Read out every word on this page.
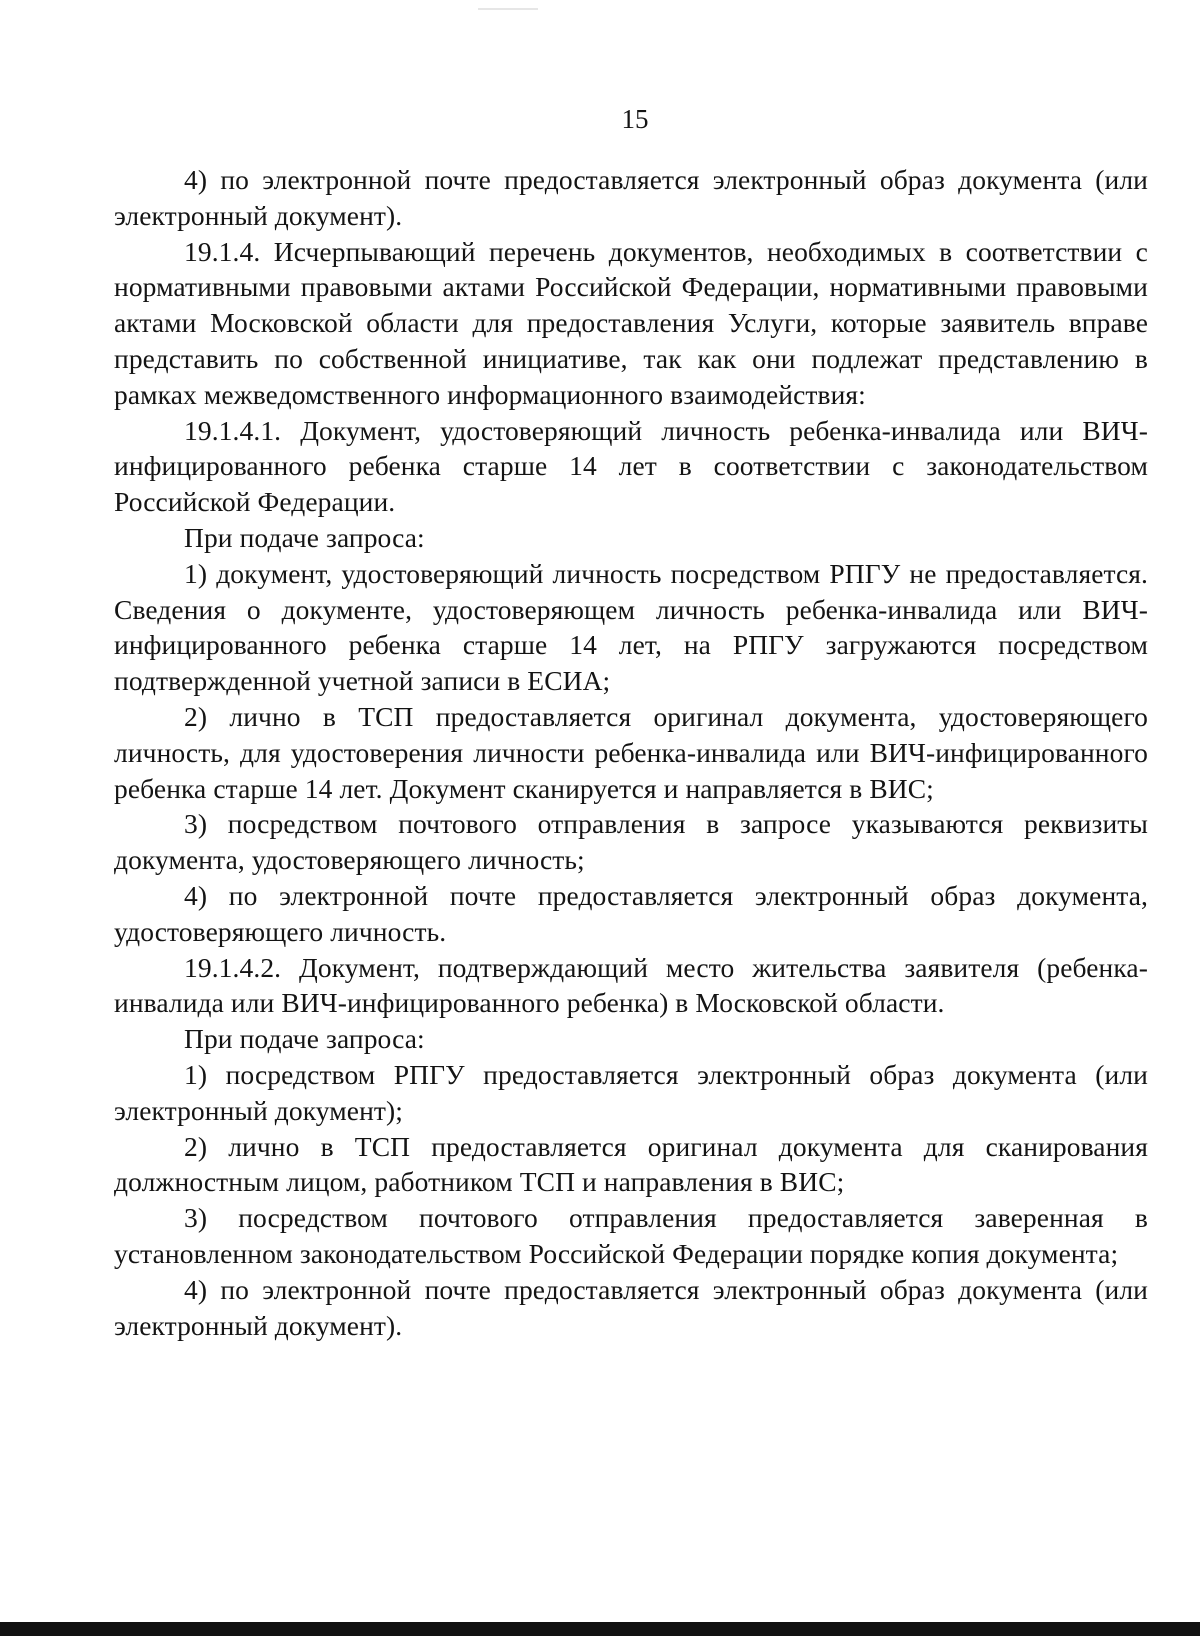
15

4) по электронной почте предоставляется электронный образ документа (или электронный документ).

19.1.4. Исчерпывающий перечень документов, необходимых в соответствии с нормативными правовыми актами Российской Федерации, нормативными правовыми актами Московской области для предоставления Услуги, которые заявитель вправе представить по собственной инициативе, так как они подлежат представлению в рамках межведомственного информационного взаимодействия:

19.1.4.1. Документ, удостоверяющий личность ребенка-инвалида или ВИЧ-инфицированного ребенка старше 14 лет в соответствии с законодательством Российской Федерации.

При подаче запроса:

1) документ, удостоверяющий личность посредством РПГУ не предоставляется. Сведения о документе, удостоверяющем личность ребенка-инвалида или ВИЧ-инфицированного ребенка старше 14 лет, на РПГУ загружаются посредством подтвержденной учетной записи в ЕСИА;

2) лично в ТСП предоставляется оригинал документа, удостоверяющего личность, для удостоверения личности ребенка-инвалида или ВИЧ-инфицированного ребенка старше 14 лет. Документ сканируется и направляется в ВИС;

3) посредством почтового отправления в запросе указываются реквизиты документа, удостоверяющего личность;

4) по электронной почте предоставляется электронный образ документа, удостоверяющего личность.

19.1.4.2. Документ, подтверждающий место жительства заявителя (ребенка-инвалида или ВИЧ-инфицированного ребенка) в Московской области.

При подаче запроса:

1) посредством РПГУ предоставляется электронный образ документа (или электронный документ);

2) лично в ТСП предоставляется оригинал документа для сканирования должностным лицом, работником ТСП и направления в ВИС;

3) посредством почтового отправления предоставляется заверенная в установленном законодательством Российской Федерации порядке копия документа;

4) по электронной почте предоставляется электронный образ документа (или электронный документ).
